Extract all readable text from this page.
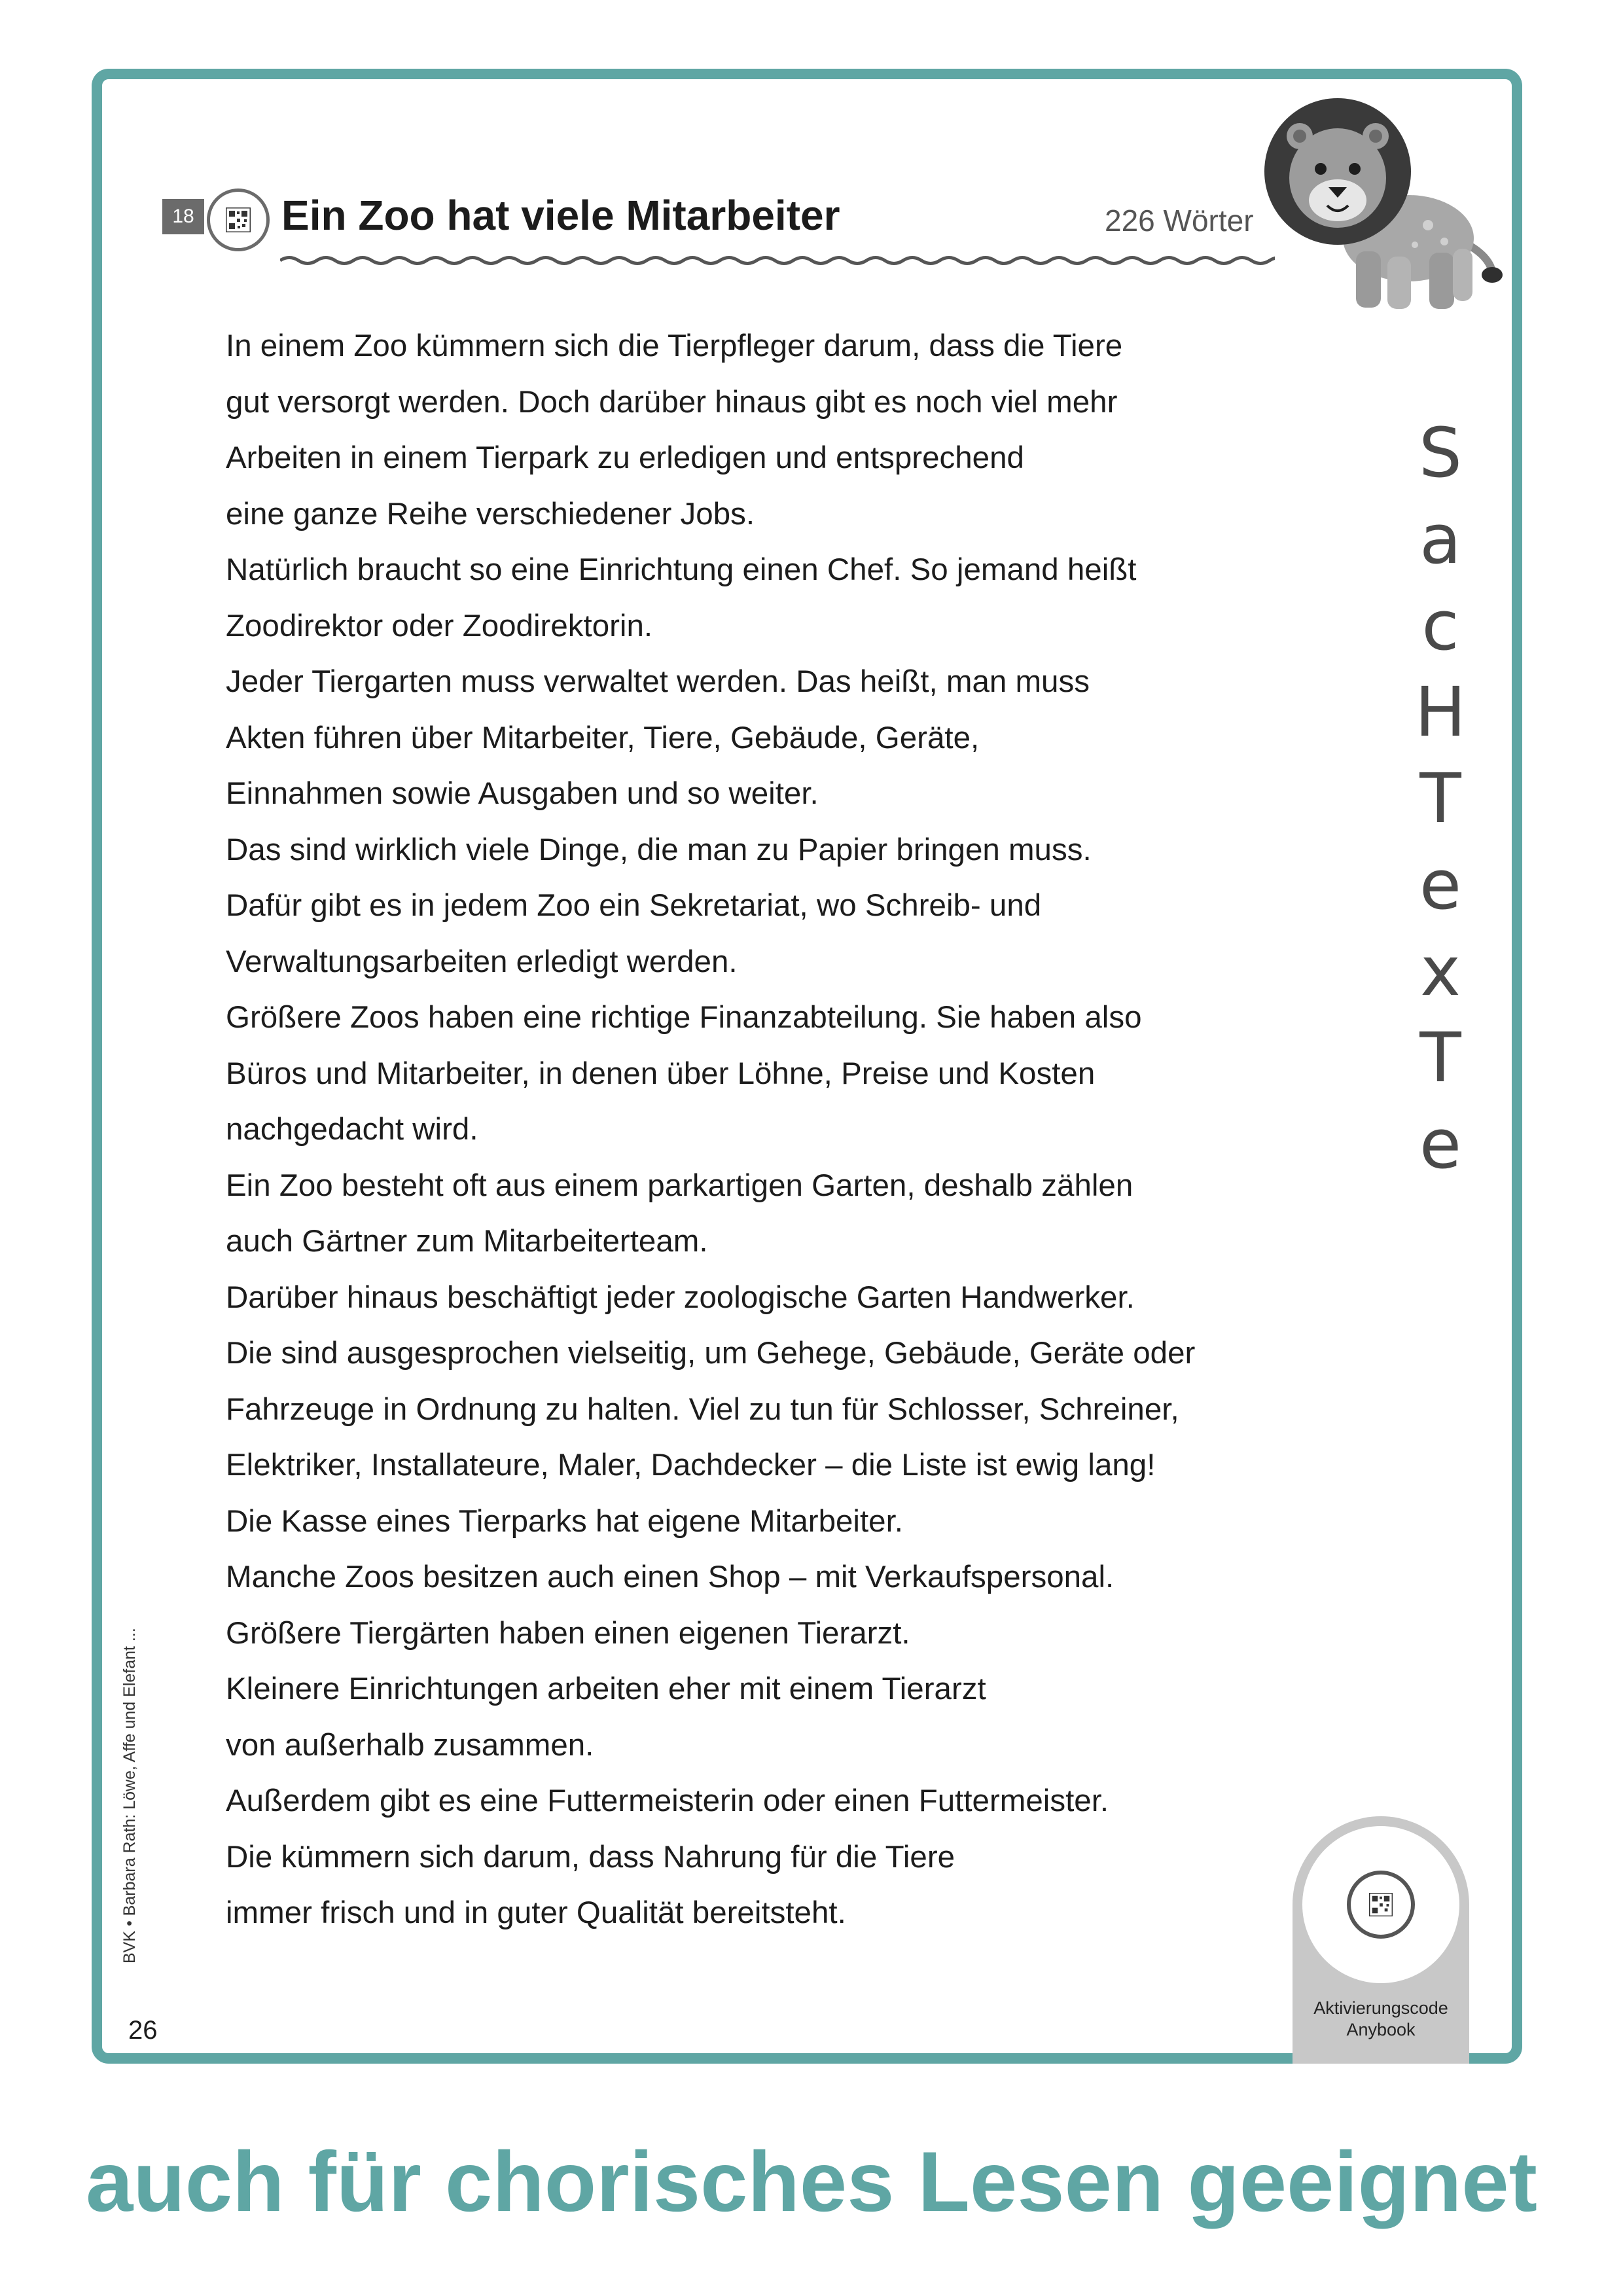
18 Ein Zoo hat viele Mitarbeiter	226 Wörter
In einem Zoo kümmern sich die Tierpfleger darum, dass die Tiere
gut versorgt werden. Doch darüber hinaus gibt es noch viel mehr
Arbeiten in einem Tierpark zu erledigen und entsprechend
eine ganze Reihe verschiedener Jobs.
Natürlich braucht so eine Einrichtung einen Chef. So jemand heißt
Zoodirektor oder Zoodirektorin.
Jeder Tiergarten muss verwaltet werden. Das heißt, man muss
Akten führen über Mitarbeiter, Tiere, Gebäude, Geräte,
Einnahmen sowie Ausgaben und so weiter.
Das sind wirklich viele Dinge, die man zu Papier bringen muss.
Dafür gibt es in jedem Zoo ein Sekretariat, wo Schreib- und
Verwaltungsarbeiten erledigt werden.
Größere Zoos haben eine richtige Finanzabteilung. Sie haben also
Büros und Mitarbeiter, in denen über Löhne, Preise und Kosten
nachgedacht wird.
Ein Zoo besteht oft aus einem parkartigen Garten, deshalb zählen
auch Gärtner zum Mitarbeiterteam.
Darüber hinaus beschäftigt jeder zoologische Garten Handwerker.
Die sind ausgesprochen vielseitig, um Gehege, Gebäude, Geräte oder
Fahrzeuge in Ordnung zu halten. Viel zu tun für Schlosser, Schreiner,
Elektriker, Installateure, Maler, Dachdecker – die Liste ist ewig lang!
Die Kasse eines Tierparks hat eigene Mitarbeiter.
Manche Zoos besitzen auch einen Shop – mit Verkaufspersonal.
Größere Tiergärten haben einen eigenen Tierarzt.
Kleinere Einrichtungen arbeiten eher mit einem Tierarzt
von außerhalb zusammen.
Außerdem gibt es eine Futtermeisterin oder einen Futtermeister.
Die kümmern sich darum, dass Nahrung für die Tiere
immer frisch und in guter Qualität bereitsteht.
S
a
c
H
T
e
x
T
e
BVK • Barbara Rath: Löwe, Affe und Elefant ...
26
Aktivierungscode
Anybook
auch für chorisches Lesen geeignet
